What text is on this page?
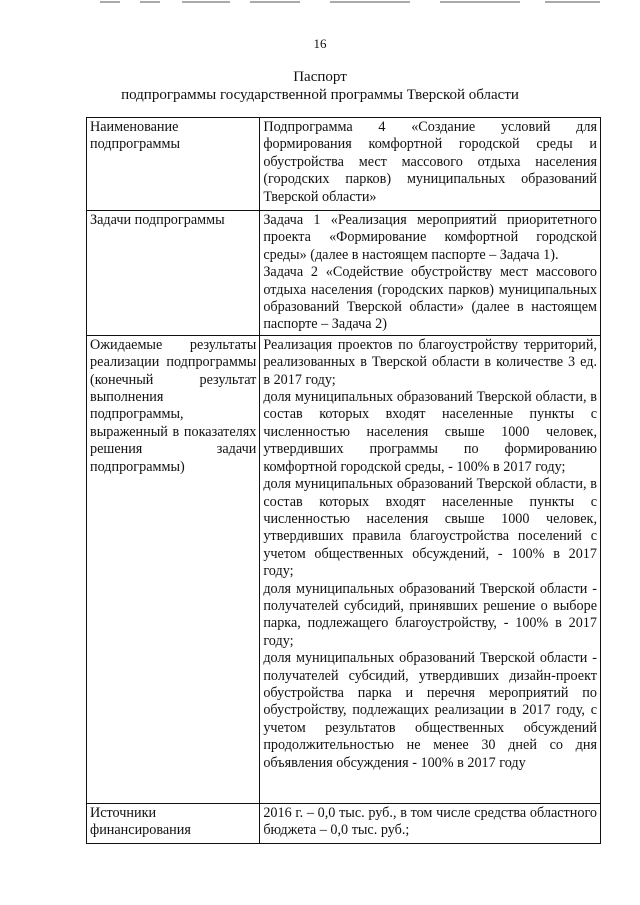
16
Паспорт
подпрограммы государственной программы Тверской области
Наименование подпрограммы	Подпрограмма 4 «Создание условий для формирования комфортной городской среды и обустройства мест массового отдыха населения (городских парков) муниципальных образований Тверской области»

Задачи подпрограммы	Задача 1 «Реализация мероприятий приоритетного проекта «Формирование комфортной городской среды» (далее в настоящем паспорте – Задача 1).
Задача 2 «Содействие обустройству мест массового отдыха населения (городских парков) муниципальных образований Тверской области» (далее в настоящем паспорте – Задача 2)

Ожидаемые результаты реализации подпрограммы (конечный результат выполнения подпрограммы, выраженный в показателях решения задачи подпрограммы)	Реализация проектов по благоустройству территорий, реализованных в Тверской области в количестве 3 ед. в 2017 году;
доля муниципальных образований Тверской области, в состав которых входят населенные пункты с численностью населения свыше 1000 человек, утвердивших программы по формированию комфортной городской среды, - 100% в 2017 году;
доля муниципальных образований Тверской области, в состав которых входят населенные пункты с численностью населения свыше 1000 человек, утвердивших правила благоустройства поселений с учетом общественных обсуждений, - 100% в 2017 году;
доля муниципальных образований Тверской области - получателей субсидий, принявших решение о выборе парка, подлежащего благоустройству, - 100% в 2017 году;
доля муниципальных образований Тверской области - получателей субсидий, утвердивших дизайн-проект обустройства парка и перечня мероприятий по обустройству, подлежащих реализации в 2017 году, с учетом результатов общественных обсуждений продолжительностью не менее 30 дней со дня объявления обсуждения - 100% в 2017 году

Источники финансирования	2016 г. – 0,0 тыс. руб., в том числе средства областного бюджета – 0,0 тыс. руб.;
